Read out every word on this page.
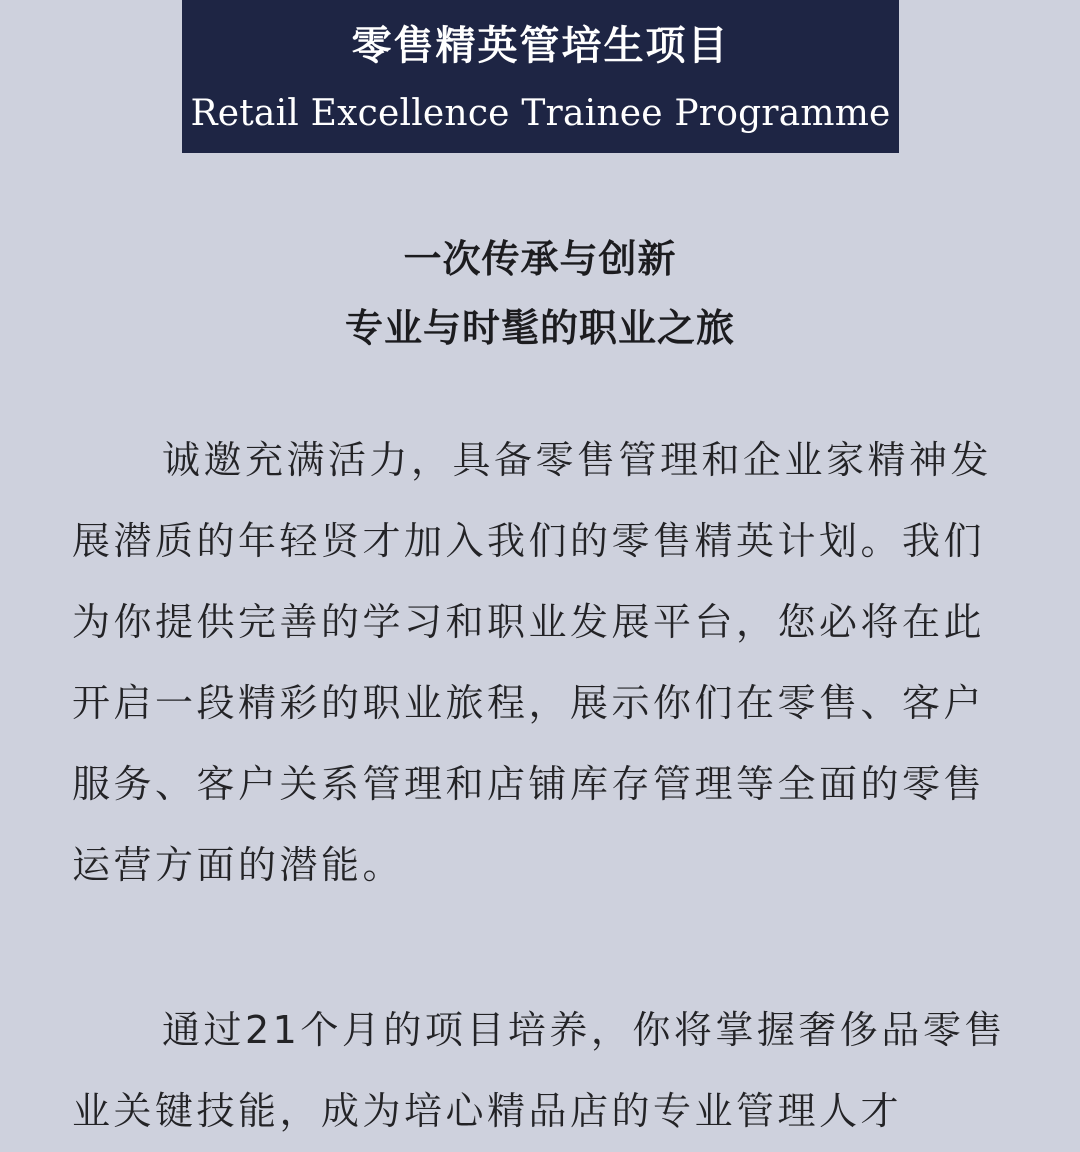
零售精英管培生项目
Retail Excellence Trainee Programme
一次传承与创新
专业与时髦的职业之旅

诚邀充满活力，具备零售管理和企业家精神发展潜质的年轻贤才加入我们的零售精英计划。我们为你提供完善的学习和职业发展平台，您必将在此开启一段精彩的职业旅程，展示你们在零售、客户服务、客户关系管理和店铺库存管理等全面的零售运营方面的潜能。

通过21个月的项目培养，你将掌握奢侈品零售业关键技能，成为培心精品店的专业管理人才
